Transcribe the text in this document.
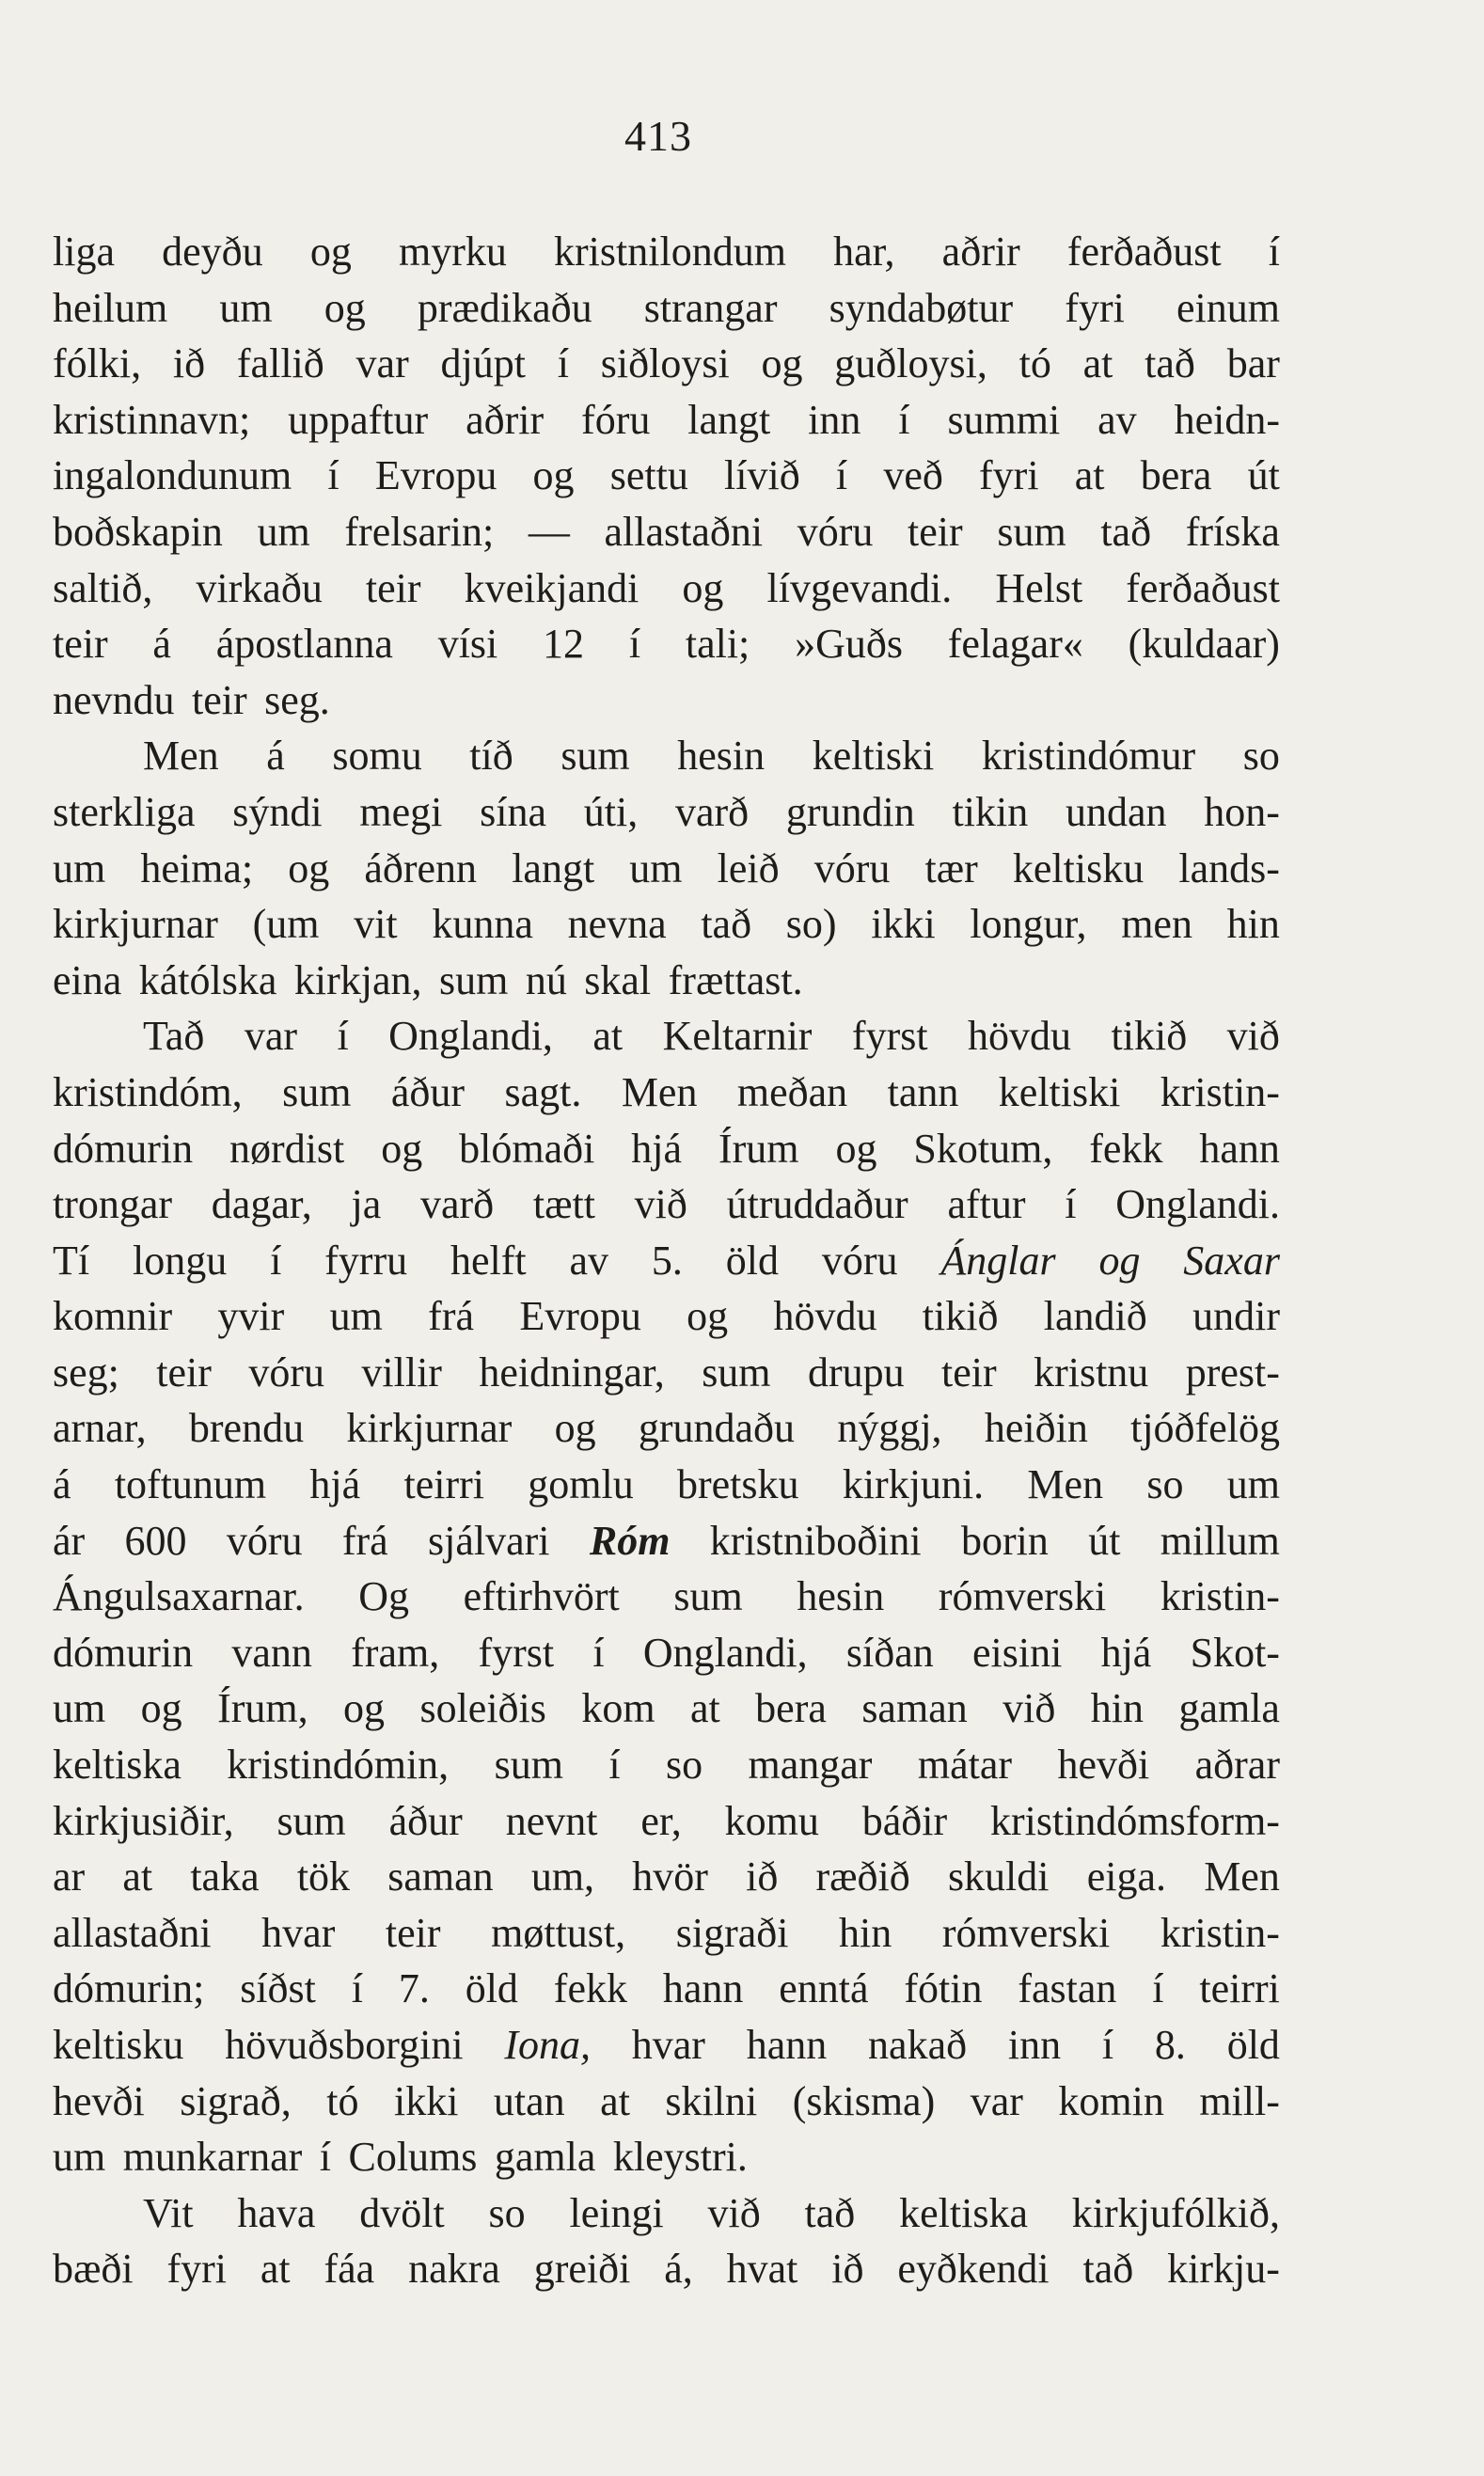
413
liga deyðu og myrku kristnilondum har, aðrir ferðaðust í
heilum um og prædikaðu strangar syndabøtur fyri einum
fólki, ið fallið var djúpt í siðloysi og guðloysi, tó at tað bar
kristinnavn; uppaftur aðrir fóru langt inn í summi av heidn-
ingalondunum í Evropu og settu lívið í veð fyri at bera út
boðskapin um frelsarin; — allastaðni vóru teir sum tað fríska
saltið, virkaðu teir kveikjandi og lívgevandi. Helst ferðaðust
teir á ápostlanna vísi 12 í tali; »Guðs felagar« (kuldaar)
nevndu teir seg.
Men á somu tíð sum hesin keltiski kristindómur so
sterkliga sýndi megi sína úti, varð grundin tikin undan hon-
um heima; og áðrenn langt um leið vóru tær keltisku lands-
kirkjurnar (um vit kunna nevna tað so) ikki longur, men hin
eina kátólska kirkjan, sum nú skal frættast.
Tað var í Onglandi, at Keltarnir fyrst hövdu tikið við
kristindóm, sum áður sagt. Men meðan tann keltiski kristin-
dómurin nørdist og blómaði hjá Írum og Skotum, fekk hann
trongar dagar, ja varð tætt við útruddaður aftur í Onglandi.
Tí longu í fyrru helft av 5. öld vóru Ánglar og Saxar
komnir yvir um frá Evropu og hövdu tikið landið undir
seg; teir vóru villir heidningar, sum drupu teir kristnu prest-
arnar, brendu kirkjurnar og grundaðu nýggj, heiðin tjóðfelög
á toftunum hjá teirri gomlu bretsku kirkjuni. Men so um
ár 600 vóru frá sjálvari Róm kristniboðini borin út millum
Ángulsaxarnar. Og eftirhvört sum hesin rómverski kristin-
dómurin vann fram, fyrst í Onglandi, síðan eisini hjá Skot-
um og Írum, og soleiðis kom at bera saman við hin gamla
keltiska kristindómin, sum í so mangar mátar hevði aðrar
kirkjusiðir, sum áður nevnt er, komu báðir kristindómsform-
ar at taka tök saman um, hvör ið ræðið skuldi eiga. Men
allastaðni hvar teir møttust, sigraði hin rómverski kristin-
dómurin; síðst í 7. öld fekk hann enntá fótin fastan í teirri
keltisku hövuðsborgini Iona, hvar hann nakað inn í 8. öld
hevði sigrað, tó ikki utan at skilni (skisma) var komin mill-
um munkarnar í Colums gamla kleystri.
Vit hava dvölt so leingi við tað keltiska kirkjufólkið,
bæði fyri at fáa nakra greiði á, hvat ið eyðkendi tað kirkju-
